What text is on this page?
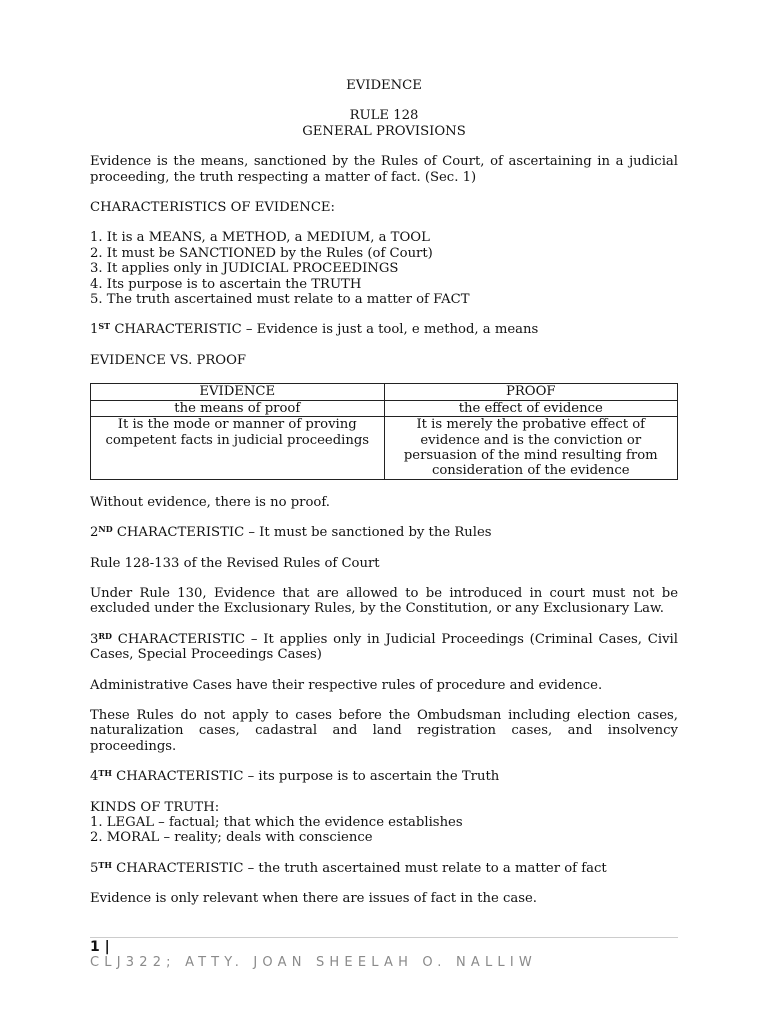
EVIDENCE

RULE 128

GENERAL PROVISIONS

Evidence is the means, sanctioned by the Rules of Court, of ascertaining in a judicial proceeding, the truth respecting a matter of fact. (Sec. 1)

CHARACTERISTICS OF EVIDENCE:

1. It is a MEANS, a METHOD, a MEDIUM, a TOOL

2. It must be SANCTIONED by the Rules (of Court)

3. It applies only in JUDICIAL PROCEEDINGS

4. Its purpose is to ascertain the TRUTH

5. The truth ascertained must relate to a matter of FACT

1ST CHARACTERISTIC – Evidence is just a tool, e method, a means

EVIDENCE VS. PROOF

EVIDENCE	PROOF
the means of proof	the effect of evidence
It is the mode or manner of proving competent facts in judicial proceedings	It is merely the probative effect of evidence and is the conviction or persuasion of the mind resulting from consideration of the evidence

Without evidence, there is no proof.

2ND CHARACTERISTIC – It must be sanctioned by the Rules

Rule 128-133 of the Revised Rules of Court

Under Rule 130, Evidence that are allowed to be introduced in court must not be excluded under the Exclusionary Rules, by the Constitution, or any Exclusionary Law.

3RD CHARACTERISTIC – It applies only in Judicial Proceedings (Criminal Cases, Civil Cases, Special Proceedings Cases)

Administrative Cases have their respective rules of procedure and evidence.

These Rules do not apply to cases before the Ombudsman including election cases, naturalization cases, cadastral and land registration cases, and insolvency proceedings.

4TH CHARACTERISTIC – its purpose is to ascertain the Truth

KINDS OF TRUTH:

1. LEGAL – factual; that which the evidence establishes

2. MORAL – reality; deals with conscience

5TH CHARACTERISTIC – the truth ascertained must relate to a matter of fact

Evidence is only relevant when there are issues of fact in the case.

1 |
CLJ322; ATTY. JOAN SHEELAH O. NALLIW
